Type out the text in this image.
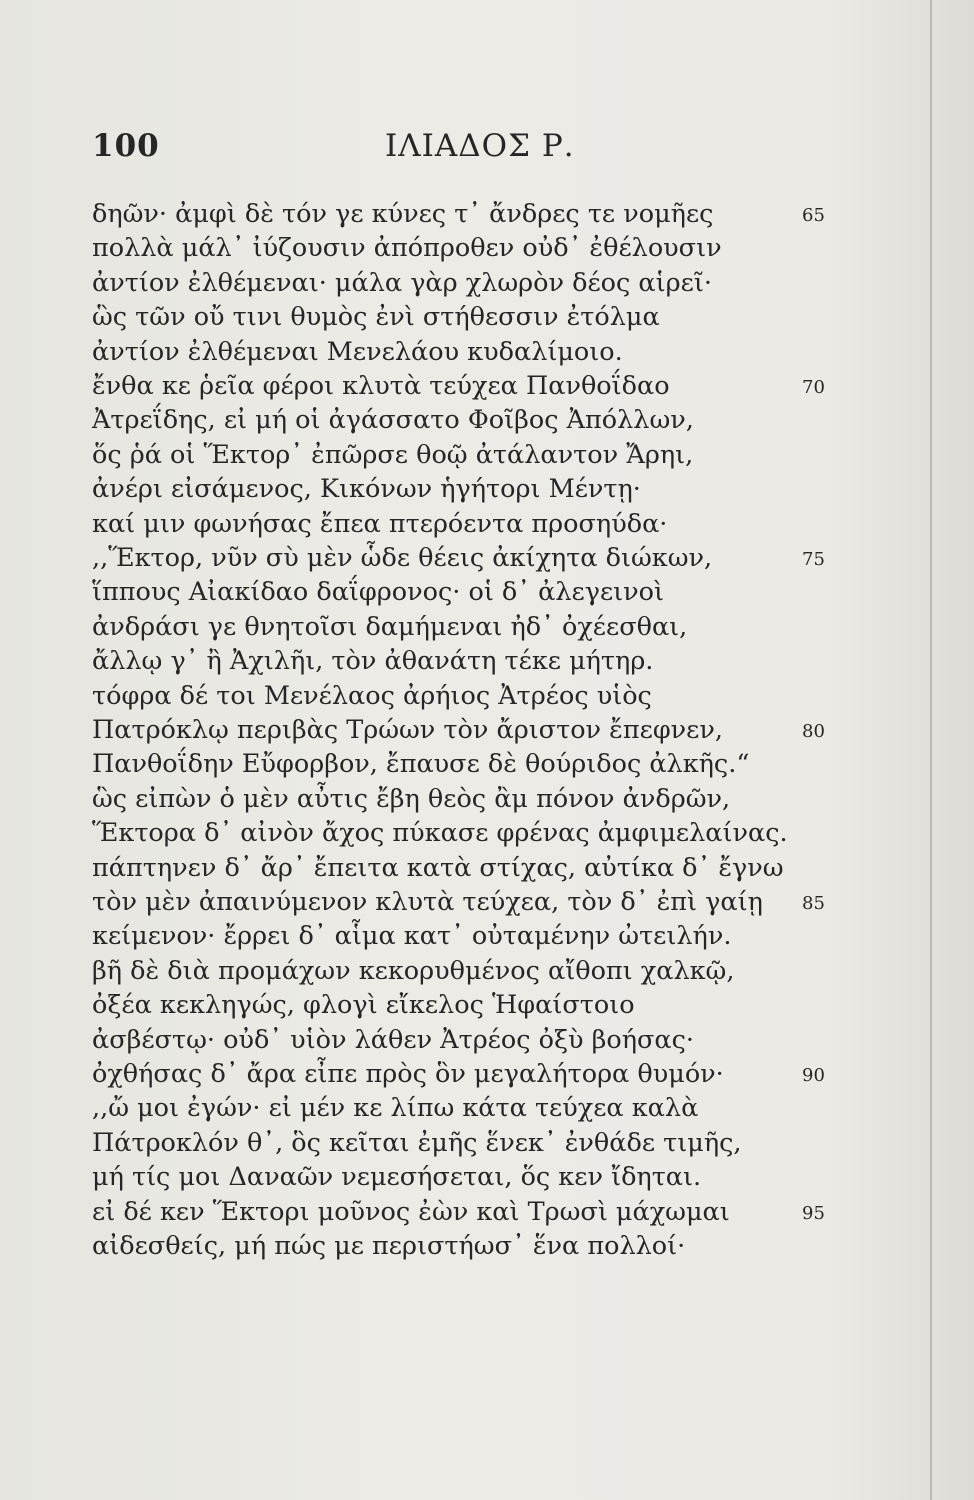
100	ΙΛΙΑΔΟΣ Ρ.
δηῶν· ἀμφὶ δὲ τόν γε κύνες τ᾽ ἄνδρες τε νομῆες	65
πολλὰ μάλ᾽ ἰύζουσιν ἀπόπροθεν οὐδ᾽ ἐθέλουσιν
ἀντίον ἐλθέμεναι· μάλα γὰρ χλωρὸν δέος αἱρεῖ·
ὣς τῶν οὔ τινι θυμὸς ἐνὶ στήθεσσιν ἐτόλμα
ἀντίον ἐλθέμεναι Μενελάου κυδαλίμοιο.
ἔνθα κε ῥεῖα φέροι κλυτὰ τεύχεα Πανθοΐδαο	70
Ἀτρεΐδης, εἰ μή οἱ ἀγάσσατο Φοῖβος Ἀπόλλων,
ὅς ῥά οἱ Ἕκτορ᾽ ἐπῶρσε θοῷ ἀτάλαντον Ἄρηι,
ἀνέρι εἰσάμενος, Κικόνων ἡγήτορι Μέντῃ·
καί μιν φωνήσας ἔπεα πτερόεντα προσηύδα·
,,Ἕκτορ, νῦν σὺ μὲν ὧδε θέεις ἀκίχητα διώκων,	75
ἵππους Αἰακίδαο δαΐφρονος· οἱ δ᾽ ἀλεγεινοὶ
ἀνδράσι γε θνητοῖσι δαμήμεναι ἠδ᾽ ὀχέεσθαι,
ἄλλῳ γ᾽ ἢ Ἀχιλῆι, τὸν ἀθανάτη τέκε μήτηρ.
τόφρα δέ τοι Μενέλαος ἀρήιος Ἀτρέος υἱὸς
Πατρόκλῳ περιβὰς Τρώων τὸν ἄριστον ἔπεφνεν,	80
Πανθοΐδην Εὔφορβον, ἔπαυσε δὲ θούριδος ἀλκῆς.“
ὣς εἰπὼν ὁ μὲν αὖτις ἔβη θεὸς ἂμ πόνον ἀνδρῶν,
Ἕκτορα δ᾽ αἰνὸν ἄχος πύκασε φρένας ἀμφιμελαίνας.
πάπτηνεν δ᾽ ἄρ᾽ ἔπειτα κατὰ στίχας, αὐτίκα δ᾽ ἔγνω
τὸν μὲν ἀπαινύμενον κλυτὰ τεύχεα, τὸν δ᾽ ἐπὶ γαίῃ	85
κείμενον· ἔρρει δ᾽ αἷμα κατ᾽ οὐταμένην ὠτειλήν.
βῆ δὲ διὰ προμάχων κεκορυθμένος αἴθοπι χαλκῷ,
ὀξέα κεκληγώς, φλογὶ εἴκελος Ἡφαίστοιο
ἀσβέστῳ· οὐδ᾽ υἱὸν λάθεν Ἀτρέος ὀξὺ βοήσας·
ὀχθήσας δ᾽ ἄρα εἶπε πρὸς ὃν μεγαλήτορα θυμόν·	90
,,ὤ μοι ἐγών· εἰ μέν κε λίπω κάτα τεύχεα καλὰ
Πάτροκλόν θ᾽, ὃς κεῖται ἐμῆς ἕνεκ᾽ ἐνθάδε τιμῆς,
μή τίς μοι Δαναῶν νεμεσήσεται, ὅς κεν ἴδηται.
εἰ δέ κεν Ἕκτορι μοῦνος ἐὼν καὶ Τρωσὶ μάχωμαι	95
αἰδεσθείς, μή πώς με περιστήωσ᾽ ἕνα πολλοί·
